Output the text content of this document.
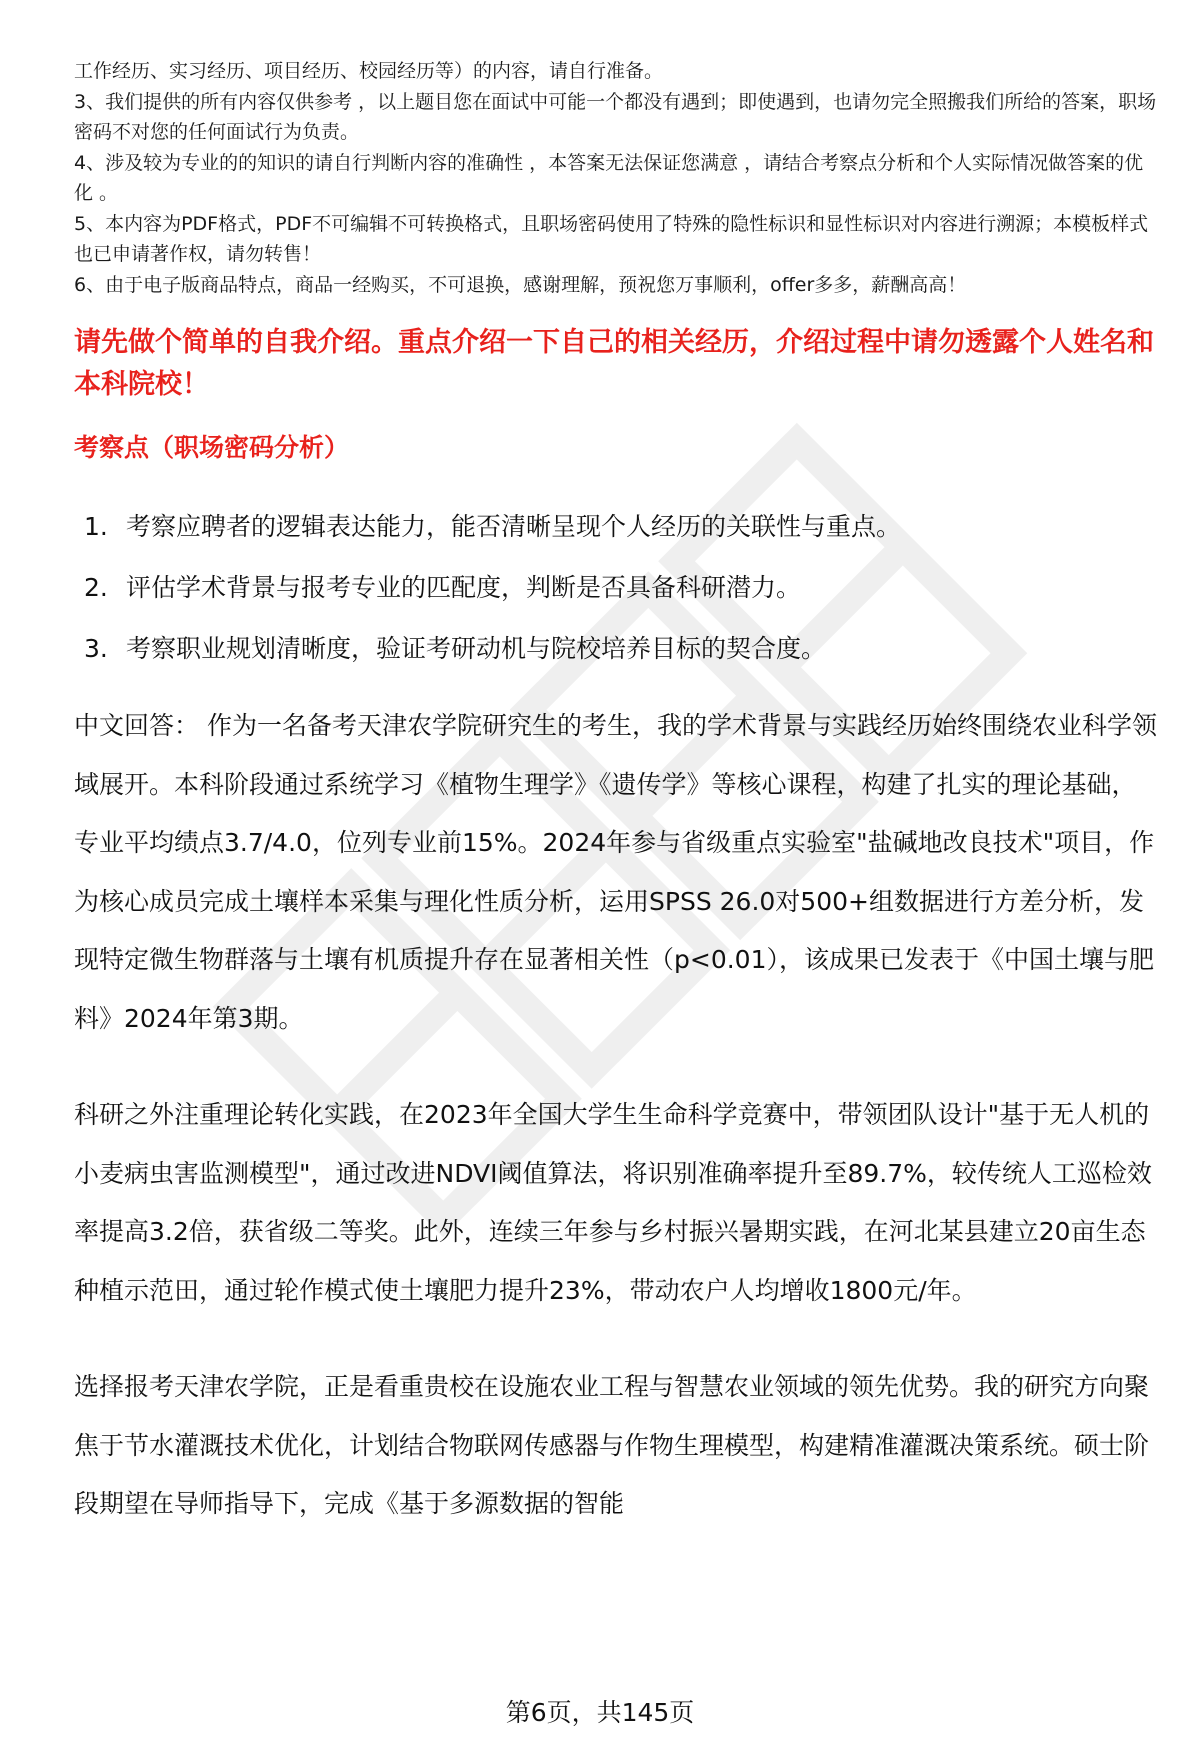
工作经历、实习经历、项目经历、校园经历等）的内容，请自行准备。

3、我们提供的所有内容仅供参考 ，以上题目您在面试中可能一个都没有遇到；即使遇到，也请勿完全照搬我们所给的答案，职场密码不对您的任何面试行为负责。

4、涉及较为专业的的知识的请自行判断内容的准确性 ，本答案无法保证您满意 ，请结合考察点分析和个人实际情况做答案的优化 。

5、本内容为PDF格式，PDF不可编辑不可转换格式，且职场密码使用了特殊的隐性标识和显性标识对内容进行溯源；本模板样式也已申请著作权，请勿转售！

6、由于电子版商品特点，商品一经购买，不可退换，感谢理解，预祝您万事顺利，offer多多，薪酬高高！

请先做个简单的自我介绍。重点介绍一下自己的相关经历，介绍过程中请勿透露个人姓名和本科院校！
考察点（职场密码分析）
1. 考察应聘者的逻辑表达能力，能否清晰呈现个人经历的关联性与重点。
2. 评估学术背景与报考专业的匹配度，判断是否具备科研潜力。
3. 考察职业规划清晰度，验证考研动机与院校培养目标的契合度。

中文回答： 作为一名备考天津农学院研究生的考生，我的学术背景与实践经历始终围绕农业科学领域展开。本科阶段通过系统学习《植物生理学》《遗传学》等核心课程，构建了扎实的理论基础，专业平均绩点3.7/4.0，位列专业前15%。2024年参与省级重点实验室"盐碱地改良技术"项目，作为核心成员完成土壤样本采集与理化性质分析，运用SPSS 26.0对500+组数据进行方差分析，发现特定微生物群落与土壤有机质提升存在显著相关性（p<0.01），该成果已发表于《中国土壤与肥料》2024年第3期。

科研之外注重理论转化实践，在2023年全国大学生生命科学竞赛中，带领团队设计"基于无人机的小麦病虫害监测模型"，通过改进NDVI阈值算法，将识别准确率提升至89.7%，较传统人工巡检效率提高3.2倍，获省级二等奖。此外，连续三年参与乡村振兴暑期实践，在河北某县建立20亩生态种植示范田，通过轮作模式使土壤肥力提升23%，带动农户人均增收1800元/年。

选择报考天津农学院，正是看重贵校在设施农业工程与智慧农业领域的领先优势。我的研究方向聚焦于节水灌溉技术优化，计划结合物联网传感器与作物生理模型，构建精准灌溉决策系统。硕士阶段期望在导师指导下，完成《基于多源数据的智能

第6页，共145页
